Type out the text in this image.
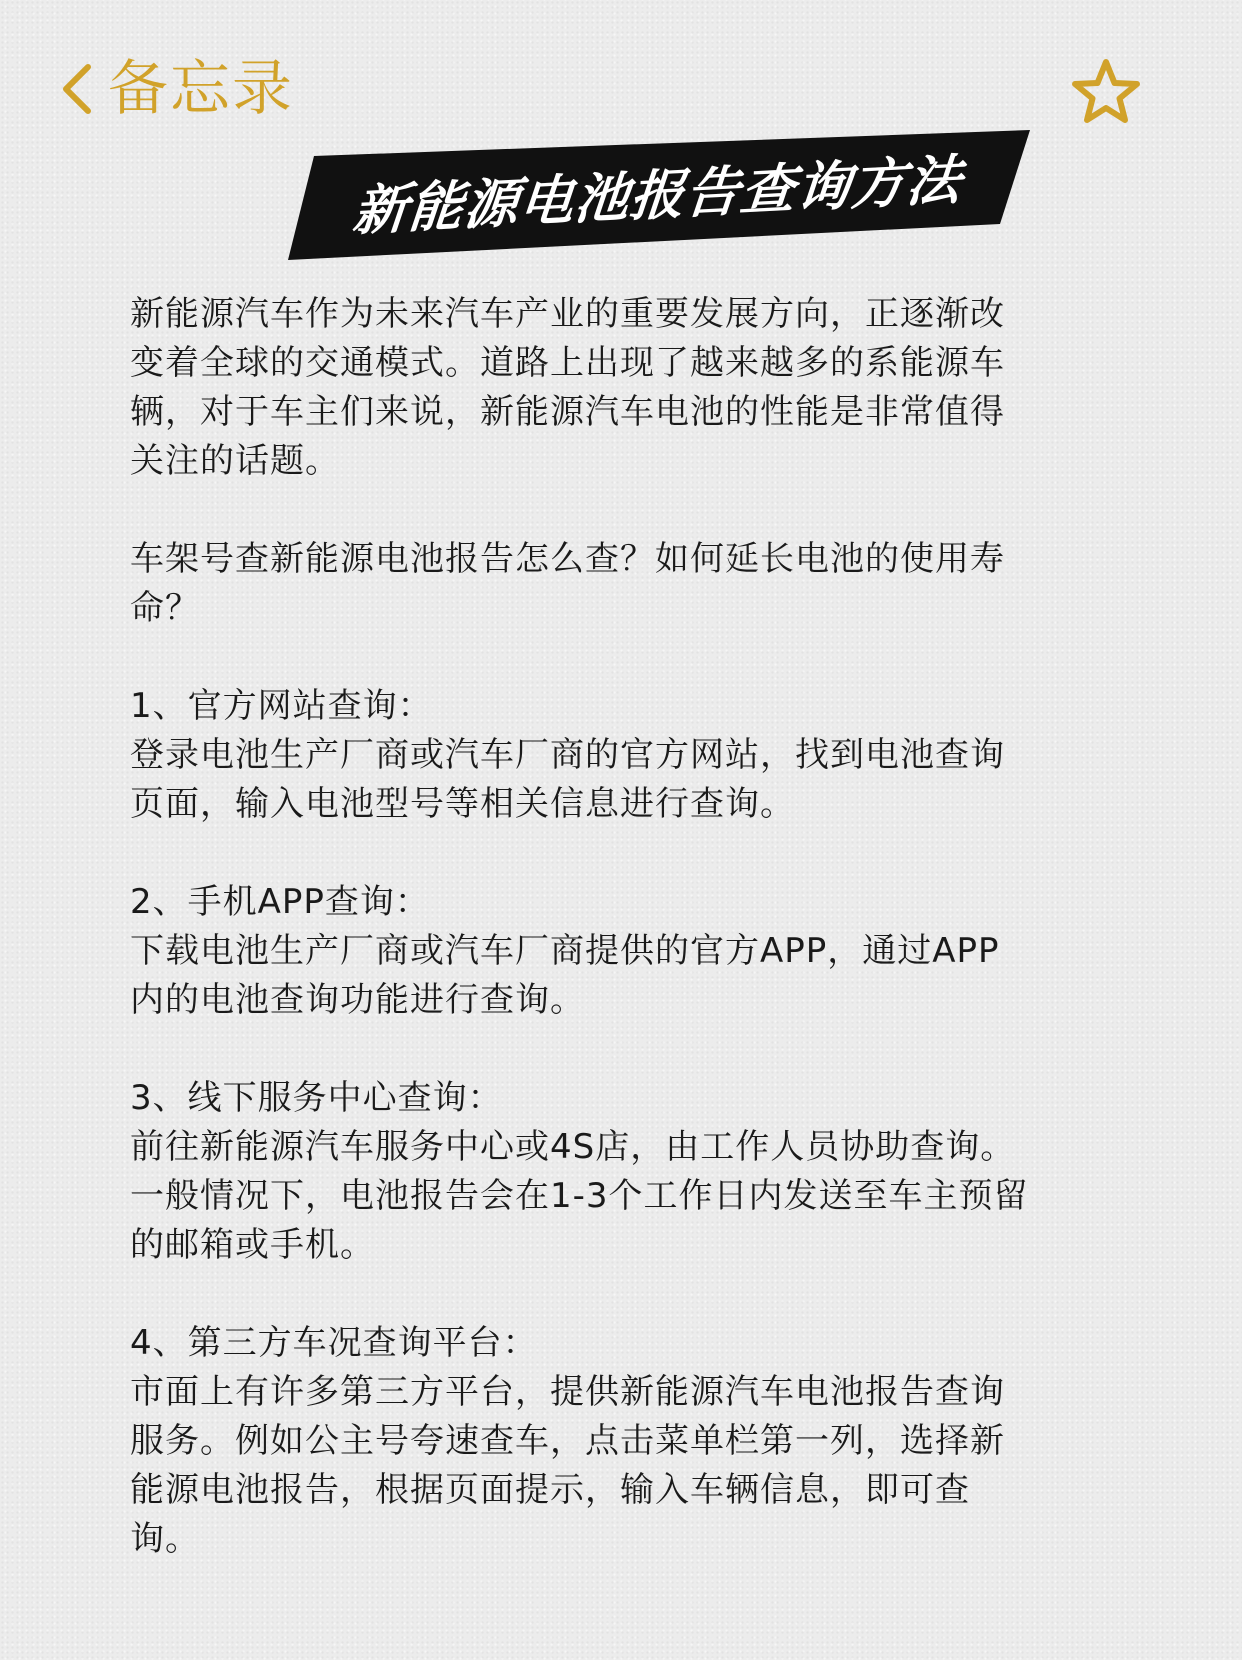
备忘录
新能源电池报告查询方法

新能源汽车作为未来汽车产业的重要发展方向，正逐渐改
变着全球的交通模式。道路上出现了越来越多的系能源车
辆，对于车主们来说，新能源汽车电池的性能是非常值得
关注的话题。

车架号查新能源电池报告怎么查？如何延长电池的使用寿
命？

1、官方网站查询：

登录电池生产厂商或汽车厂商的官方网站，找到电池查询
页面，输入电池型号等相关信息进行查询。

2、手机APP查询：

下载电池生产厂商或汽车厂商提供的官方APP，通过APP
内的电池查询功能进行查询。

3、线下服务中心查询：

前往新能源汽车服务中心或4S店，由工作人员协助查询。
一般情况下，电池报告会在1-3个工作日内发送至车主预留
的邮箱或手机。

4、第三方车况查询平台：

市面上有许多第三方平台，提供新能源汽车电池报告查询
服务。例如公主号夸速查车，点击菜单栏第一列，选择新
能源电池报告，根据页面提示，输入车辆信息，即可查
询。
